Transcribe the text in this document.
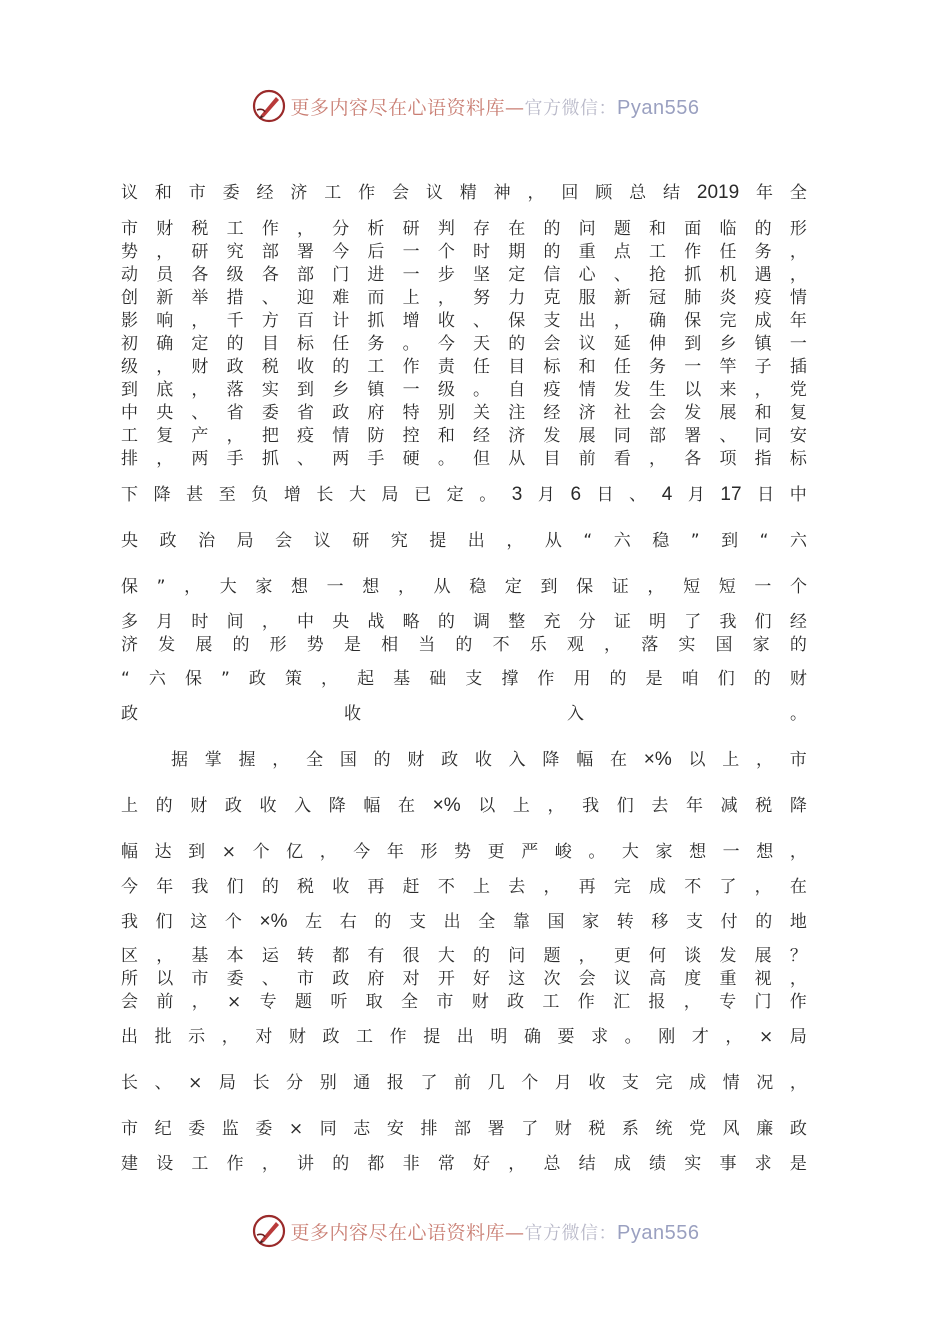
更多内容尽在心语资料库—官方微信：Pyan556
议 和 市 委 经 济 工 作 会 议 精 神 ， 回 顾 总 结 2019 年 全
市 财 税 工 作 ， 分 析 研 判 存 在 的 问 题 和 面 临 的 形
势 ， 研 究 部 署 今 后 一 个 时 期 的 重 点 工 作 任 务 ，
动 员 各 级 各 部 门 进 一 步 坚 定 信 心 、 抢 抓 机 遇 ，
创 新 举 措 、 迎 难 而 上 ， 努 力 克 服 新 冠 肺 炎 疫 情
影 响 ， 千 方 百 计 抓 增 收 、 保 支 出 ， 确 保 完 成 年
初 确 定 的 目 标 任 务 。 今 天 的 会 议 延 伸 到 乡 镇 一
级 ， 财 政 税 收 的 工 作 责 任 目 标 和 任 务 一 竿 子 插
到 底 ， 落 实 到 乡 镇 一 级 。 自 疫 情 发 生 以 来 ， 党
中 央 、 省 委 省 政 府 特 别 关 注 经 济 社 会 发 展 和 复
工 复 产 ， 把 疫 情 防 控 和 经 济 发 展 同 部 署 、 同 安
排 ， 两 手 抓 、 两 手 硬 。 但 从 目 前 看 ， 各 项 指 标
下 降 甚 至 负 增 长 大 局 已 定 。 3 月 6 日 、 4 月 17 日 中
央 政 治 局 会 议 研 究 提 出 ， 从 “ 六 稳 ” 到 “ 六
保 ” ， 大 家 想 一 想 ， 从 稳 定 到 保 证 ， 短 短 一 个
多 月 时 间 ， 中 央 战 略 的 调 整 充 分 证 明 了 我 们 经
济 发 展 的 形 势 是 相 当 的 不 乐 观 ， 落 实 国 家 的
“ 六 保 ” 政 策 ， 起 基 础 支 撑 作 用 的 是 咱 们 的 财
政	收	入	。
据 掌 握 ， 全 国 的 财 政 收 入 降 幅 在 ×% 以 上 ， 市
上 的 财 政 收 入 降 幅 在 ×% 以 上 ， 我 们 去 年 减 税 降
幅 达 到 × 个 亿 ， 今 年 形 势 更 严 峻 。 大 家 想 一 想 ，
今 年 我 们 的 税 收 再 赶 不 上 去 ， 再 完 成 不 了 ， 在
我 们 这 个 ×% 左 右 的 支 出 全 靠 国 家 转 移 支 付 的 地
区 ， 基 本 运 转 都 有 很 大 的 问 题 ， 更 何 谈 发 展 ？
所 以 市 委 、 市 政 府 对 开 好 这 次 会 议 高 度 重 视 ，
会 前 ， × 专 题 听 取 全 市 财 政 工 作 汇 报 ， 专 门 作
出 批 示 ， 对 财 政 工 作 提 出 明 确 要 求 。 刚 才 ， × 局
长 、 × 局 长 分 别 通 报 了 前 几 个 月 收 支 完 成 情 况 ，
市 纪 委 监 委 × 同 志 安 排 部 署 了 财 税 系 统 党 风 廉 政
建 设 工 作 ， 讲 的 都 非 常 好 ， 总 结 成 绩 实 事 求 是
更多内容尽在心语资料库—官方微信：Pyan556
